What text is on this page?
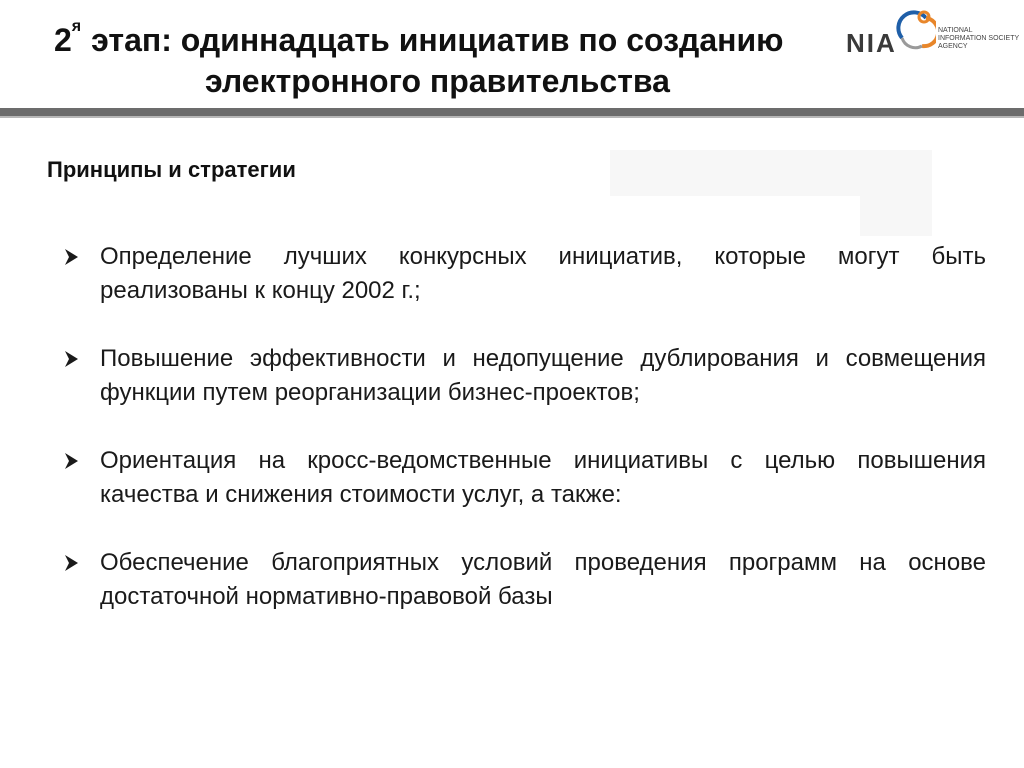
$2^я$ этап: одиннадцать инициатив по созданию
электронного правительства
NIA	NATIONAL
INFORMATION SOCIETY
AGENCY
Принципы и стратегии
Определение лучших конкурсных инициатив, которые могут быть реализованы к концу 2002 г.;
Повышение эффективности и недопущение дублирования и совмещения функции путем реорганизации бизнес-проектов;
Ориентация на кросс-ведомственные инициативы с целью повышения качества и снижения стоимости услуг, а также:
Обеспечение благоприятных условий проведения программ на основе достаточной нормативно-правовой базы
